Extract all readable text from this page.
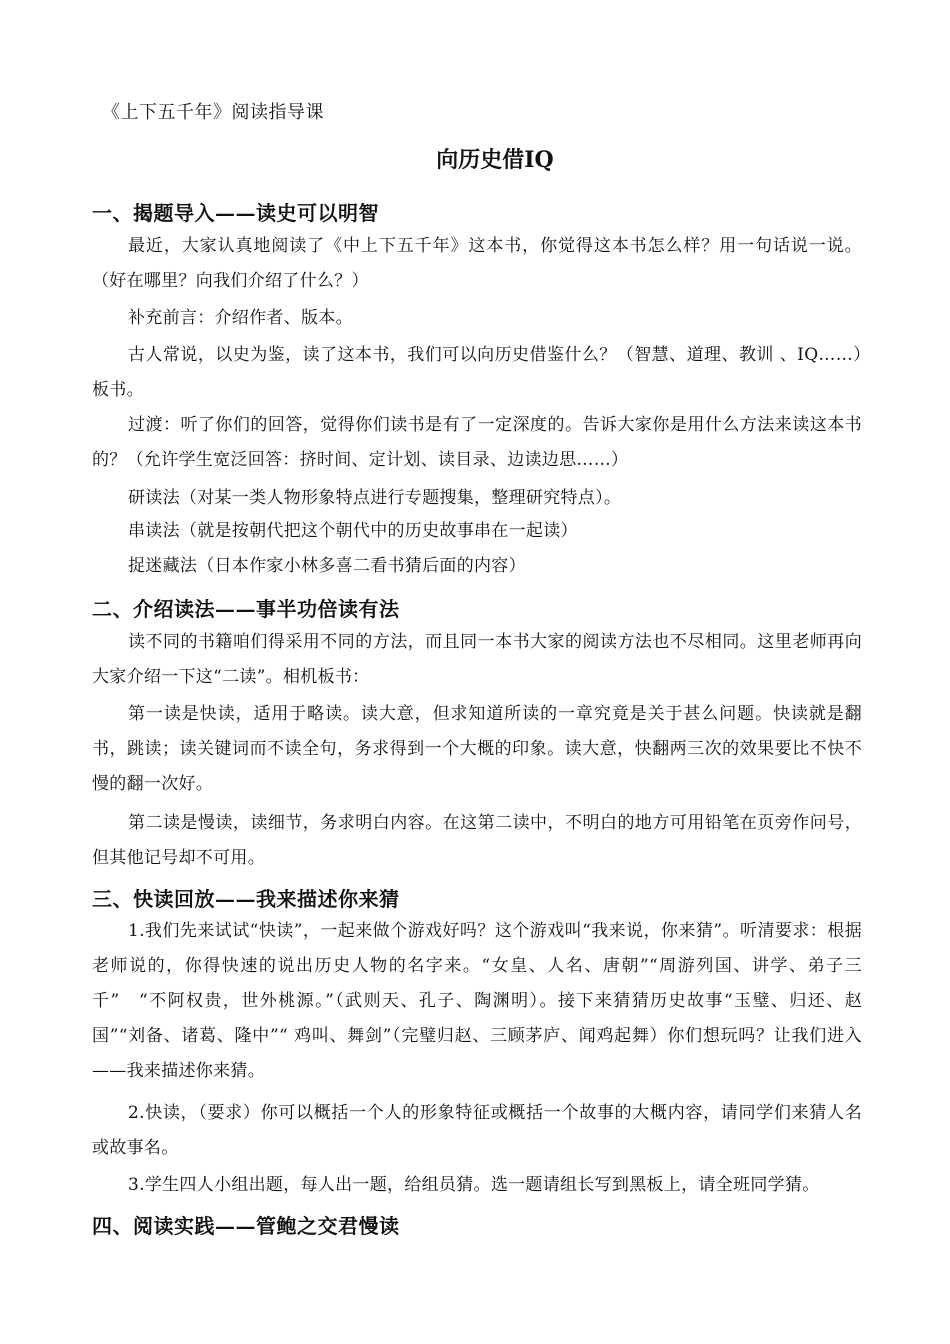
《上下五千年》阅读指导课
向历史借IQ
一、揭题导入——读史可以明智
最近，大家认真地阅读了《中上下五千年》这本书，你觉得这本书怎么样？用一句话说一说。（好在哪里？向我们介绍了什么？）
补充前言：介绍作者、版本。
古人常说，以史为鉴，读了这本书，我们可以向历史借鉴什么？（智慧、道理、教训 、IQ……）板书。
过渡：听了你们的回答，觉得你们读书是有了一定深度的。告诉大家你是用什么方法来读这本书的？（允许学生宽泛回答：挤时间、定计划、读目录、边读边思……）
研读法（对某一类人物形象特点进行专题搜集，整理研究特点）。
串读法（就是按朝代把这个朝代中的历史故事串在一起读）
捉迷藏法（日本作家小林多喜二看书猜后面的内容）
二、介绍读法——事半功倍读有法
读不同的书籍咱们得采用不同的方法，而且同一本书大家的阅读方法也不尽相同。这里老师再向大家介绍一下这“二读”。相机板书：
第一读是快读，适用于略读。读大意，但求知道所读的一章究竟是关于甚么问题。快读就是翻书，跳读；读关键词而不读全句，务求得到一个大概的印象。读大意，快翻两三次的效果要比不快不慢的翻一次好。
第二读是慢读，读细节，务求明白内容。在这第二读中，不明白的地方可用铅笔在页旁作问号，但其他记号却不可用。
三、快读回放——我来描述你来猜
1.我们先来试试“快读”，一起来做个游戏好吗？这个游戏叫“我来说，你来猜”。听清要求：根据老师说的，你得快速的说出历史人物的名字来。“女皇、人名、唐朝”“周游列国、讲学、弟子三千”　“不阿权贵，世外桃源。”（武则天、孔子、陶渊明）。接下来猜猜历史故事“玉璧、归还、赵国”“刘备、诸葛、隆中”“ 鸡叫、舞剑”（完璧归赵、三顾茅庐、闻鸡起舞）你们想玩吗？让我们进入——我来描述你来猜。
2.快读，（要求）你可以概括一个人的形象特征或概括一个故事的大概内容，请同学们来猜人名或故事名。
3.学生四人小组出题，每人出一题，给组员猜。选一题请组长写到黑板上，请全班同学猜。
四、阅读实践——管鲍之交君慢读
